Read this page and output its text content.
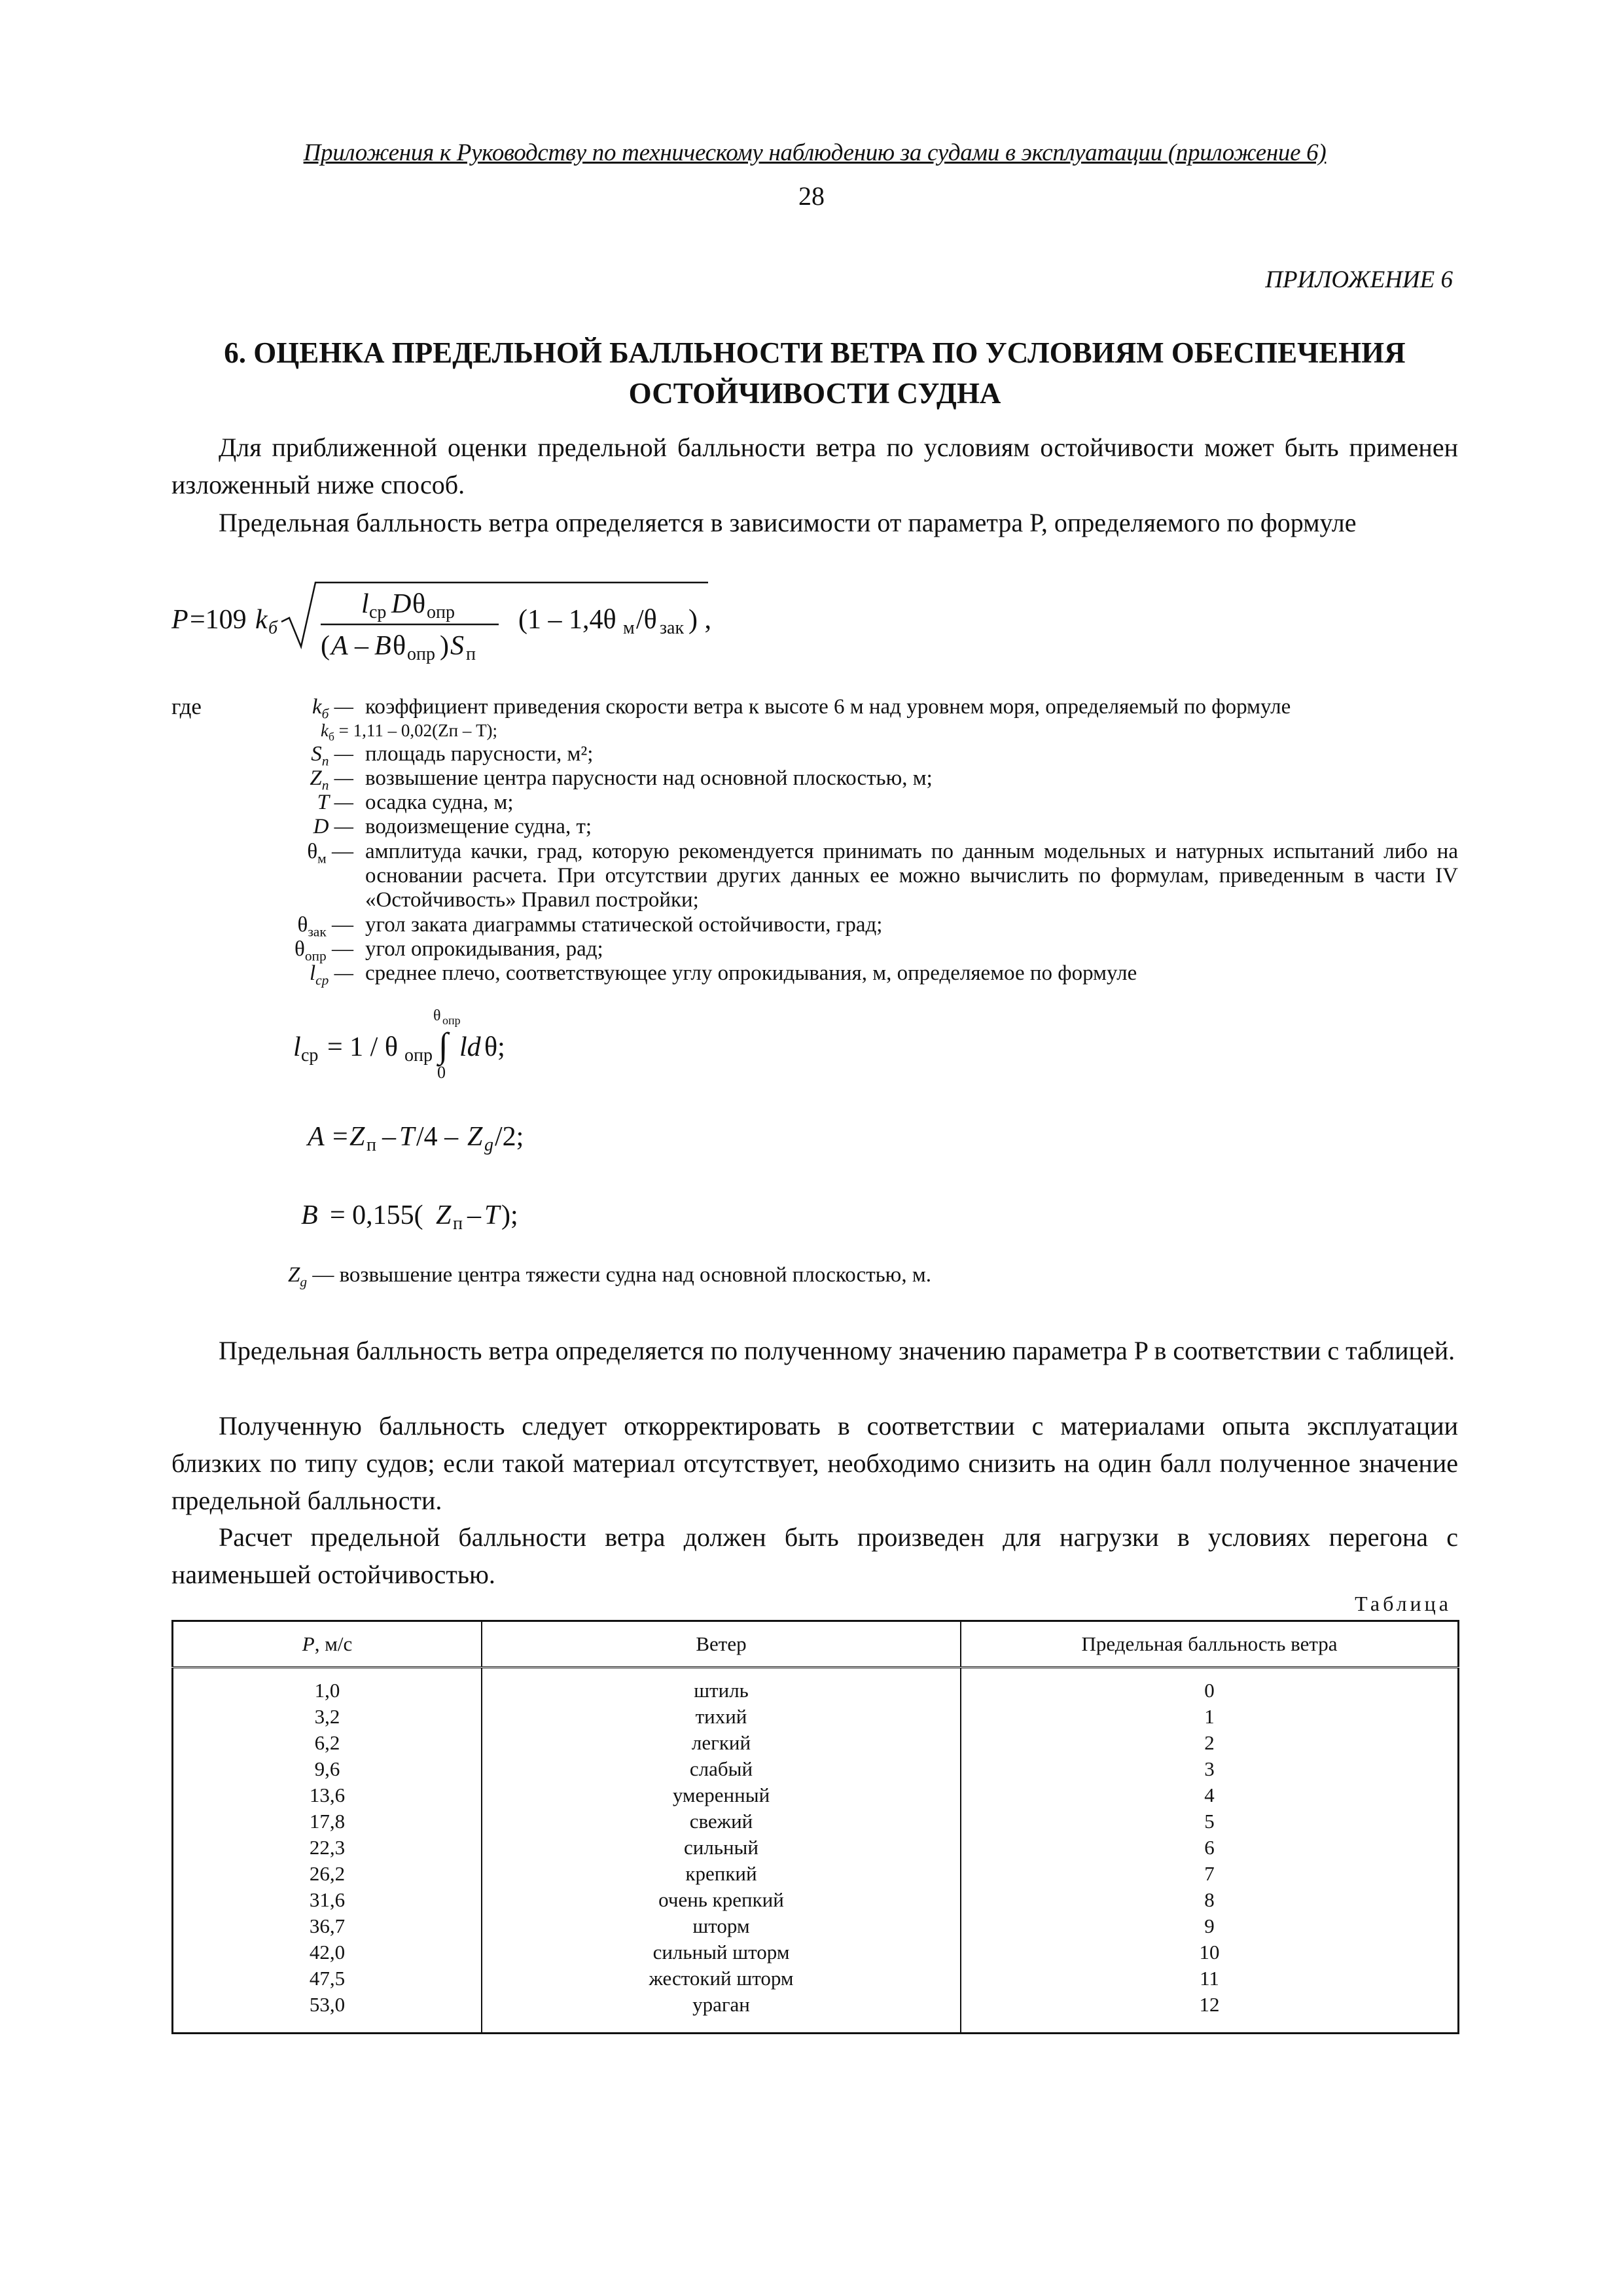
Приложения к Руководству по техническому наблюдению за судами в эксплуатации (приложение 6)
28
ПРИЛОЖЕНИЕ 6
6. ОЦЕНКА ПРЕДЕЛЬНОЙ БАЛЛЬНОСТИ ВЕТРА ПО УСЛОВИЯМ ОБЕСПЕЧЕНИЯ
ОСТОЙЧИВОСТИ СУДНА
Для приближенной оценки предельной балльности ветра по условиям остойчивости может быть применен изложенный ниже способ.
Предельная балльность ветра определяется в зависимости от параметра P, определяемого по формуле
P =109 k б
l ср D θ опр
( A – B θ опр ) S п
(1 – 1,4θ м /θ зак ) ,
где	$k_б$ — коэффициент приведения скорости ветра к высоте 6 м над уровнем моря, определяемый по формуле
$k_б = 1,11 - 0,02(Zп - T)$;
$S_п$ — площадь парусности, м²;
$Z_п$ — возвышение центра парусности над основной плоскостью, м;
T — осадка судна, м;
D — водоизмещение судна, т;
$\theta_м$ — амплитуда качки, град, которую рекомендуется принимать по данным модельных и натурных испытаний либо на основании расчета. При отсутствии других данных ее можно вычислить по формулам, приведенным в части IV «Остойчивость» Правил постройки;
$\theta_{зак}$ — угол заката диаграммы статической остойчивости, град;
$\theta_{опр}$ — угол опрокидывания, рад;
$l_{ср}$ — среднее плечо, соответствующее углу опрокидывания, м, определяемое по формуле
l ср = 1 / θ опр ∫
θ опр
0
ld θ;
A = Z п – T /4 – Z g /2;
B = 0,155( Z п – T );
$Z_g$ — возвышение центра тяжести судна над основной плоскостью, м.
Предельная балльность ветра определяется по полученному значению параметра P в соответствии с таблицей.
Полученную балльность следует откорректировать в соответствии с материалами опыта эксплуатации близких по типу судов; если такой материал отсутствует, необходимо снизить на один балл полученное значение предельной балльности.
Расчет предельной балльности ветра должен быть произведен для нагрузки в условиях перегона с наименьшей остойчивостью.
Таблица
P, м/с	Ветер	Предельная балльность ветра
1,0	штиль	0
3,2	тихий	1
6,2	легкий	2
9,6	слабый	3
13,6	умеренный	4
17,8	свежий	5
22,3	сильный	6
26,2	крепкий	7
31,6	очень крепкий	8
36,7	шторм	9
42,0	сильный шторм	10
47,5	жестокий шторм	11
53,0	ураган	12
